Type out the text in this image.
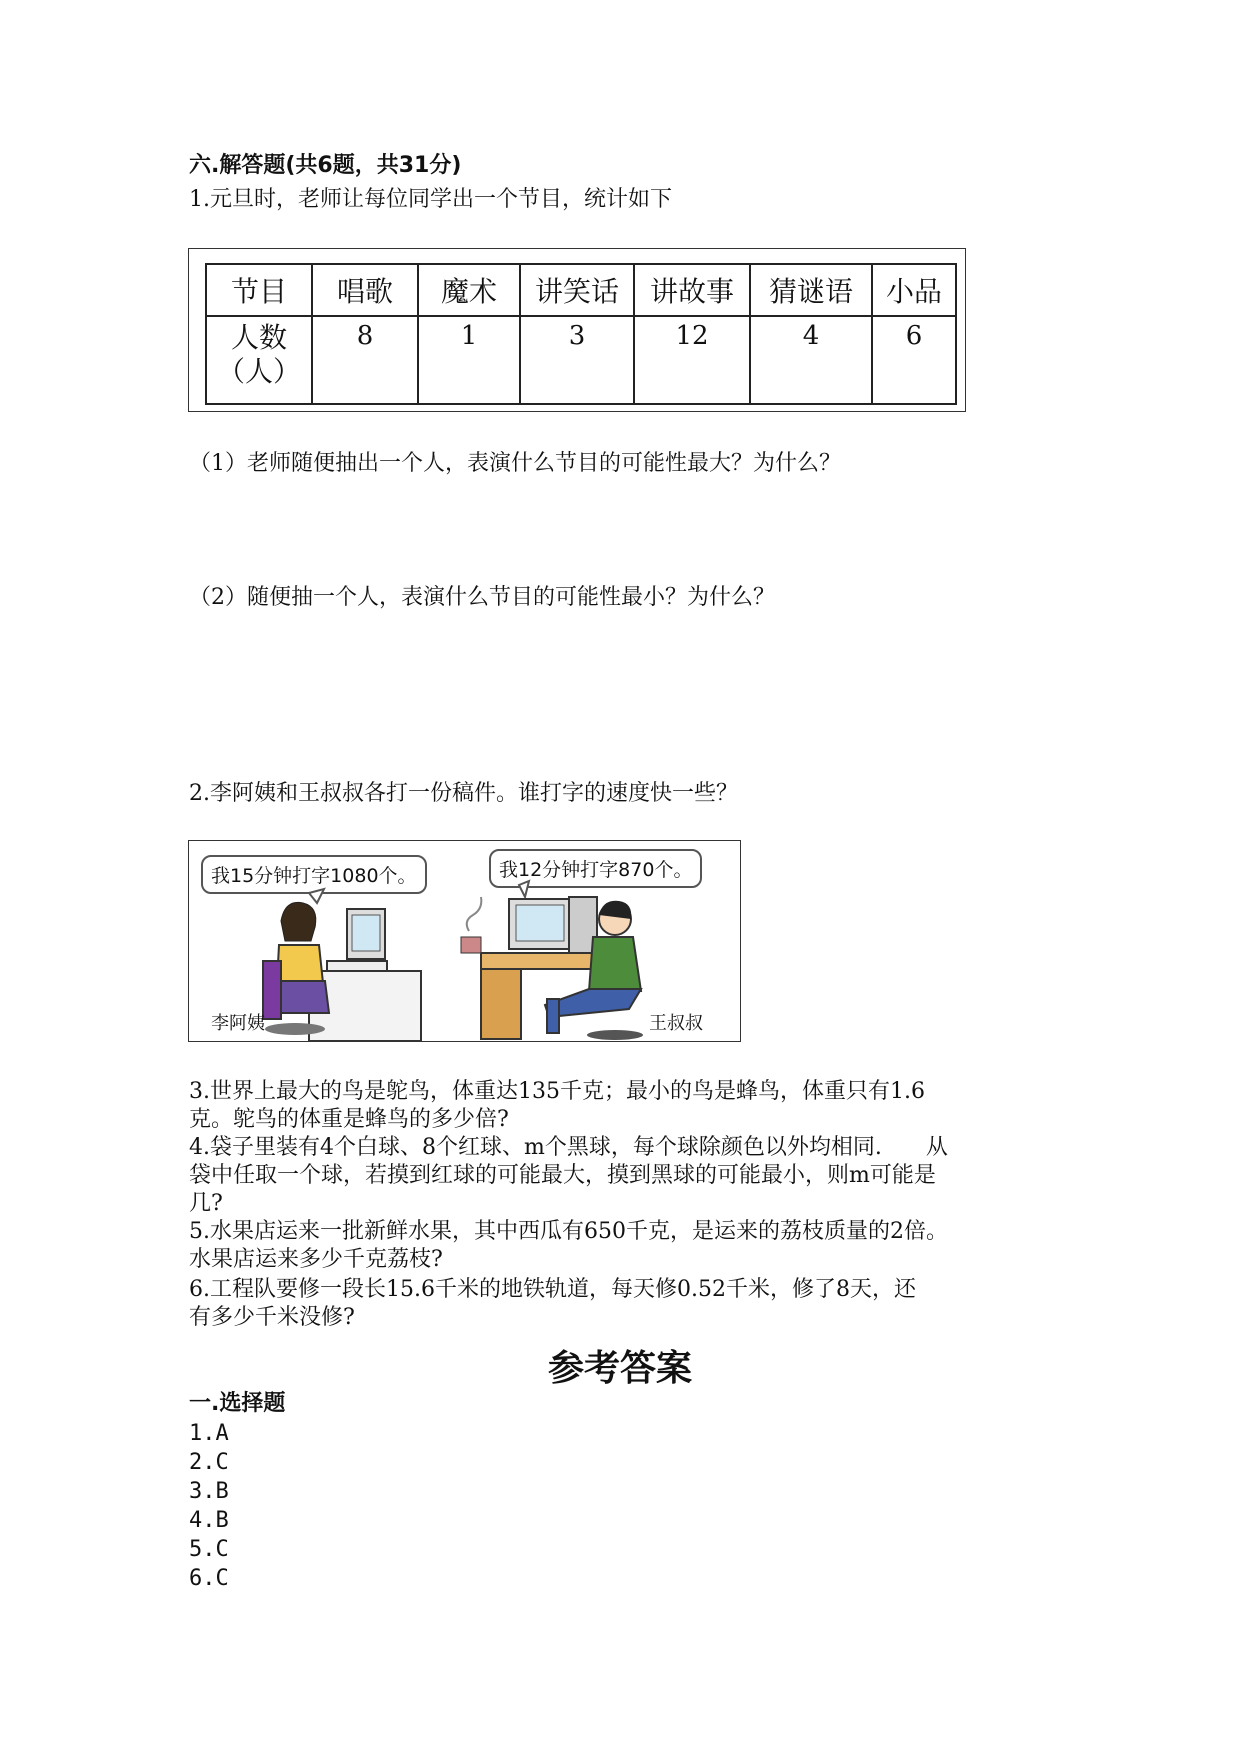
六.解答题(共6题，共31分)
1.元旦时，老师让每位同学出一个节目，统计如下
节目	唱歌	魔术	讲笑话	讲故事	猜谜语	小品

人数
（人）	8	1	3	12	4	6
（1）老师随便抽出一个人，表演什么节目的可能性最大？为什么？
（2）随便抽一个人，表演什么节目的可能性最小？为什么？
2.李阿姨和王叔叔各打一份稿件。谁打字的速度快一些？
我15分钟打字1080个。	我12分钟打字870个。
李阿姨	王叔叔
3.世界上最大的鸟是鸵鸟，体重达135千克；最小的鸟是蜂鸟，体重只有1.6
克。鸵鸟的体重是蜂鸟的多少倍?
4.袋子里装有4个白球、8个红球、m个黑球，每个球除颜色以外均相同.　　从
袋中任取一个球，若摸到红球的可能最大，摸到黑球的可能最小，则m可能是
几?
5.水果店运来一批新鲜水果，其中西瓜有650千克，是运来的荔枝质量的2倍。
水果店运来多少千克荔枝?
6.工程队要修一段长15.6千米的地铁轨道，每天修0.52千米，修了8天，还
有多少千米没修?
参考答案
一.选择题
1.A
2.C
3.B
4.B
5.C
6.C
